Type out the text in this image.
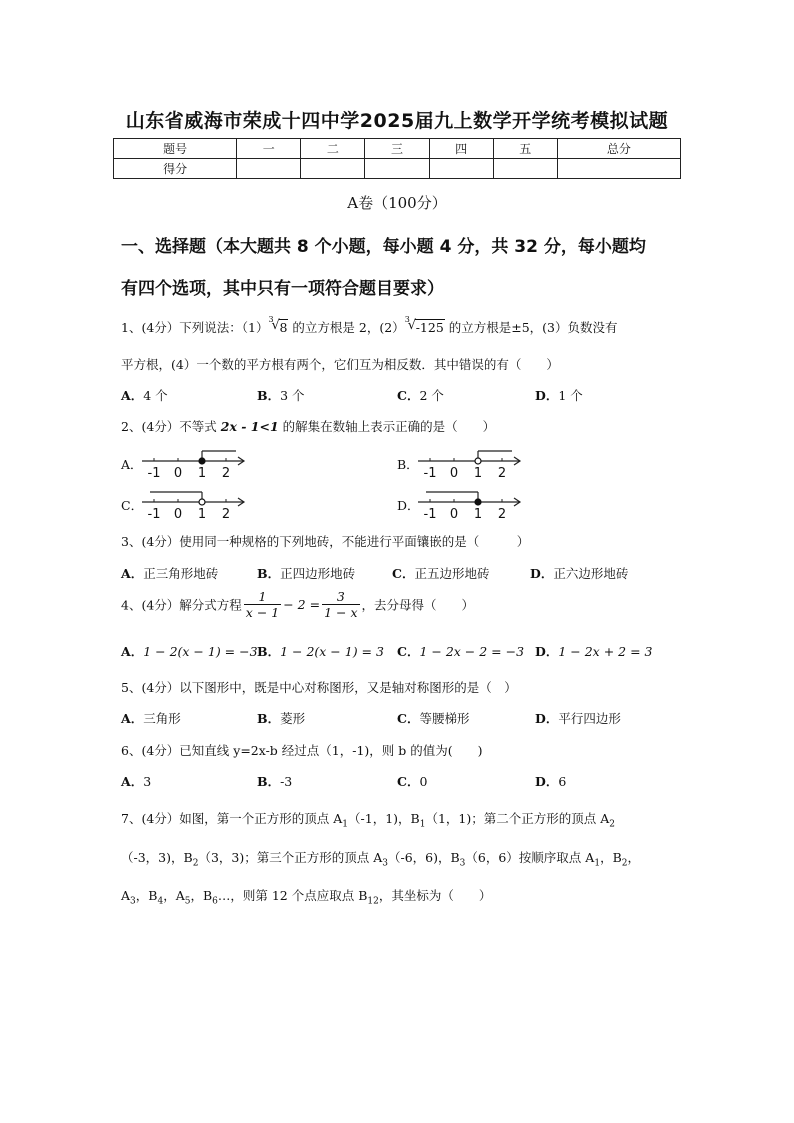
山东省威海市荣成十四中学2025届九上数学开学统考模拟试题
题号	一	二	三	四	五	总分
得分						
A卷（100分）
一、选择题（本大题共 8 个小题，每小题 4 分，共 32 分，每小题均
有四个选项，其中只有一项符合题目要求）
1、(4分）下列说法：（1）
3
√ 8 的立方根是 2，(2）
3
√ -125 的立方根是±5，(3）负数没有
平方根，(4）一个数的平方根有两个，它们互为相反数．其中错误的有（　　）
A．4 个	B．3 个	C．2 个	D．1 个
2、(4分）不等式 2x - 1<1 的解集在数轴上表示正确的是（　　）
A．	B．
C．	D．
-1 0 1 2	-1 0 1 2
-1 0 1 2	-1 0 1 2
3、(4分）使用同一种规格的下列地砖，不能进行平面镶嵌的是（　　　）
A．正三角形地砖	B．正四边形地砖	C．正五边形地砖	D．正六边形地砖
4、(4分）解分式方程 $\frac{1}{x - 1} - 2 = \frac{3}{1 - x}$ ，去分母得（　　）
A．1 − 2(x − 1) = −3 B．1 − 2(x − 1) = 3 C．1 − 2x − 2 = −3 D．1 − 2x + 2 = 3
5、(4分）以下图形中，既是中心对称图形，又是轴对称图形的是（　）
A．三角形	B．菱形	C．等腰梯形	D．平行四边形
6、(4分）已知直线 y=2x-b 经过点（1，-1)，则 b 的值为(　　)
A．3	B．-3	C．0	D．6
7、(4分）如图，第一个正方形的顶点 $A_1(-1$，1)，$B_1(1$，1)；第二个正方形的顶点 $A_2$
（-3，3)，$B_2(3$，3)；第三个正方形的顶点 $A_3(-6$，6)，$B_3(6$，6）按顺序取点 $A_1$，$B_2$，
$A_3$，$B_4$，$A_5$，$B_6\dots$，则第 12 个点应取点 $B_{12}$，其坐标为（　　）
